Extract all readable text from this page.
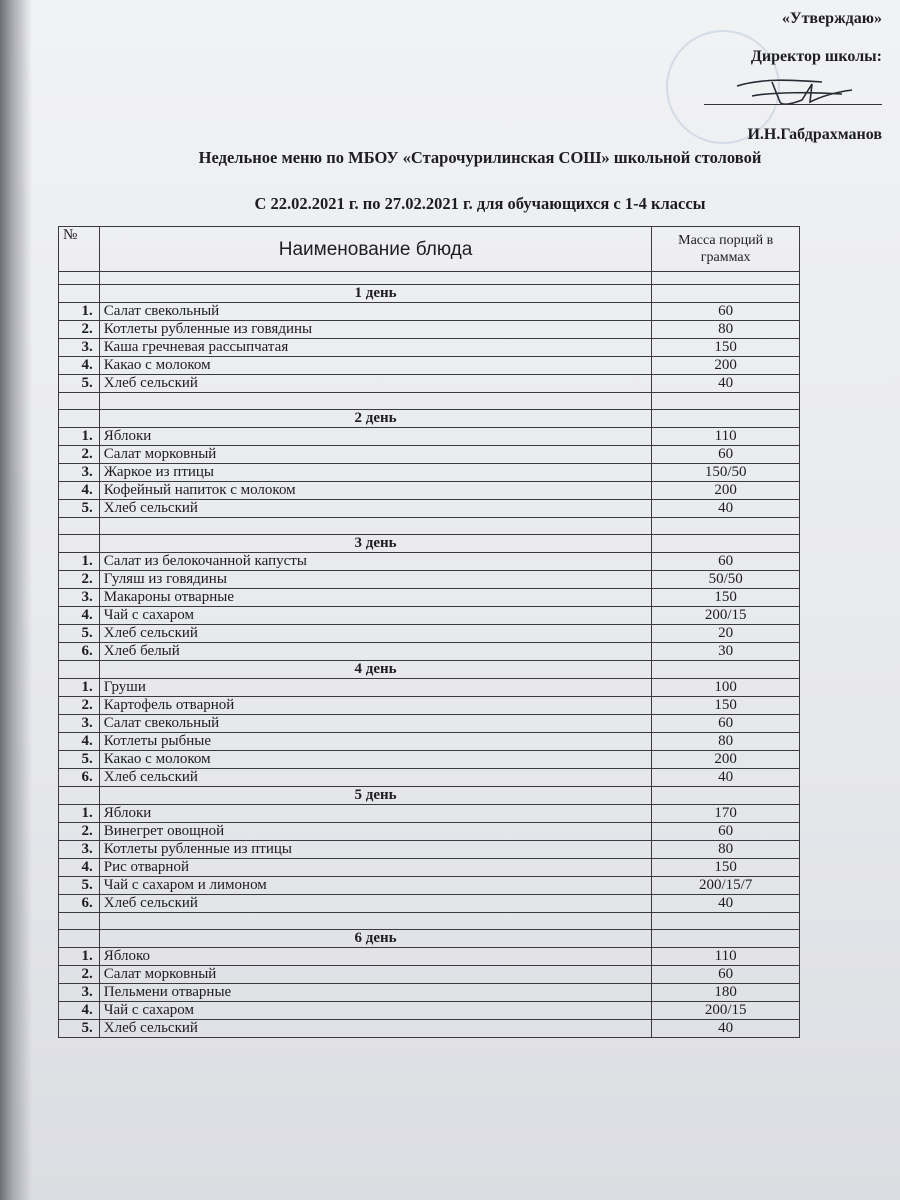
«Утверждаю»
Директор школы:
И.Н.Габдрахманов
Недельное меню по МБОУ «Старочурилинская СОШ» школьной столовой
С 22.02.2021 г. по 27.02.2021 г. для обучающихся с 1-4 классы
№	Наименование блюда	Масса порций в граммах

	1 день	
1.	Салат свекольный	60
2.	Котлеты рубленные из говядины	80
3.	Каша гречневая рассыпчатая	150
4.	Какао с молоком	200
5.	Хлеб сельский	40

	2 день	
1.	Яблоки	110
2.	Салат морковный	60
3.	Жаркое из птицы	150/50
4.	Кофейный напиток с молоком	200
5.	Хлеб сельский	40

	3 день	
1.	Салат из белокочанной капусты	60
2.	Гуляш из говядины	50/50
3.	Макароны отварные	150
4.	Чай с сахаром	200/15
5.	Хлеб сельский	20
6.	Хлеб белый	30
	4 день	
1.	Груши	100
2.	Картофель отварной	150
3.	Салат свекольный	60
4.	Котлеты рыбные	80
5.	Какао с молоком	200
6.	Хлеб сельский	40
	5 день	
1.	Яблоки	170
2.	Винегрет овощной	60
3.	Котлеты рубленные из птицы	80
4.	Рис отварной	150
5.	Чай с сахаром и лимоном	200/15/7
6.	Хлеб сельский	40

	6 день	
1.	Яблоко	110
2.	Салат морковный	60
3.	Пельмени отварные	180
4.	Чай с сахаром	200/15
5.	Хлеб сельский	40
